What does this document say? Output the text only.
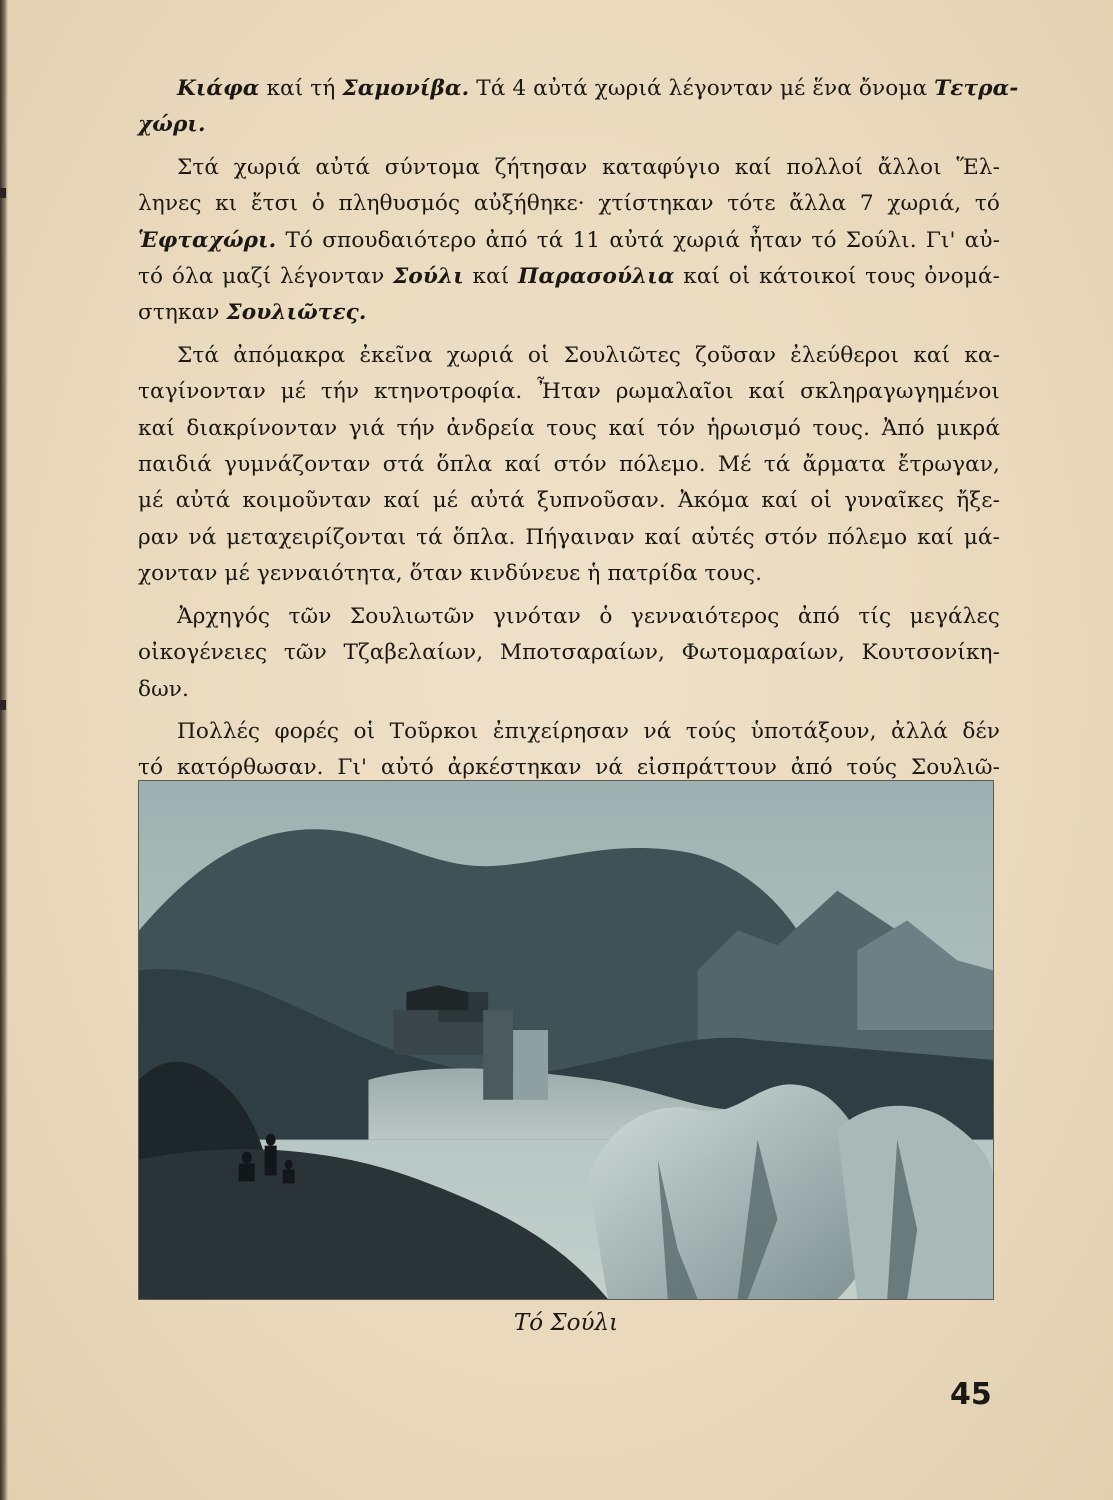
Κιάφα καί τή Σαμονίβα. Τά 4 αὐτά χωριά λέγονταν μέ ἕνα ὄνομα Τετρα-
χώρι.

Στά χωριά αὐτά σύντομα ζήτησαν καταφύγιο καί πολλοί ἄλλοι Ἕλ-
ληνες κι ἔτσι ὁ πληθυσμός αὐξήθηκε· χτίστηκαν τότε ἄλλα 7 χωριά, τό
Ἑφταχώρι. Τό σπουδαιότερο ἀπό τά 11 αὐτά χωριά ἦταν τό Σούλι. Γι' αὐ-
τό όλα μαζί λέγονταν Σούλι καί Παρασούλια καί οἱ κάτοικοί τους ὀνομά-
στηκαν Σουλιῶτες.

Στά ἀπόμακρα ἐκεῖνα χωριά οἱ Σουλιῶτες ζοῦσαν ἐλεύθεροι καί κα-
ταγίνονταν μέ τήν κτηνοτροφία. Ἦταν ρωμαλαῖοι καί σκληραγωγημένοι
καί διακρίνονταν γιά τήν ἀνδρεία τους καί τόν ἡρωισμό τους. Ἀπό μικρά
παιδιά γυμνάζονταν στά ὅπλα καί στόν πόλεμο. Μέ τά ἄρματα ἔτρωγαν,
μέ αὐτά κοιμοῦνταν καί μέ αὐτά ξυπνοῦσαν. Ἀκόμα καί οἱ γυναῖκες ἤξε-
ραν νά μεταχειρίζονται τά ὅπλα. Πήγαιναν καί αὐτές στόν πόλεμο καί μά-
χονταν μέ γενναιότητα, ὅταν κινδύνευε ἡ πατρίδα τους.

Ἀρχηγός τῶν Σουλιωτῶν γινόταν ὁ γενναιότερος ἀπό τίς μεγάλες
οἰκογένειες τῶν Τζαβελαίων, Μποτσαραίων, Φωτομαραίων, Κουτσονίκη-
δων.

Πολλές φορές οἱ Τοῦρκοι ἐπιχείρησαν νά τούς ὑποτάξουν, ἀλλά δέν
τό κατόρθωσαν. Γι' αὐτό ἀρκέστηκαν νά εἰσπράττουν ἀπό τούς Σουλιῶ-

Τό Σούλι
45
